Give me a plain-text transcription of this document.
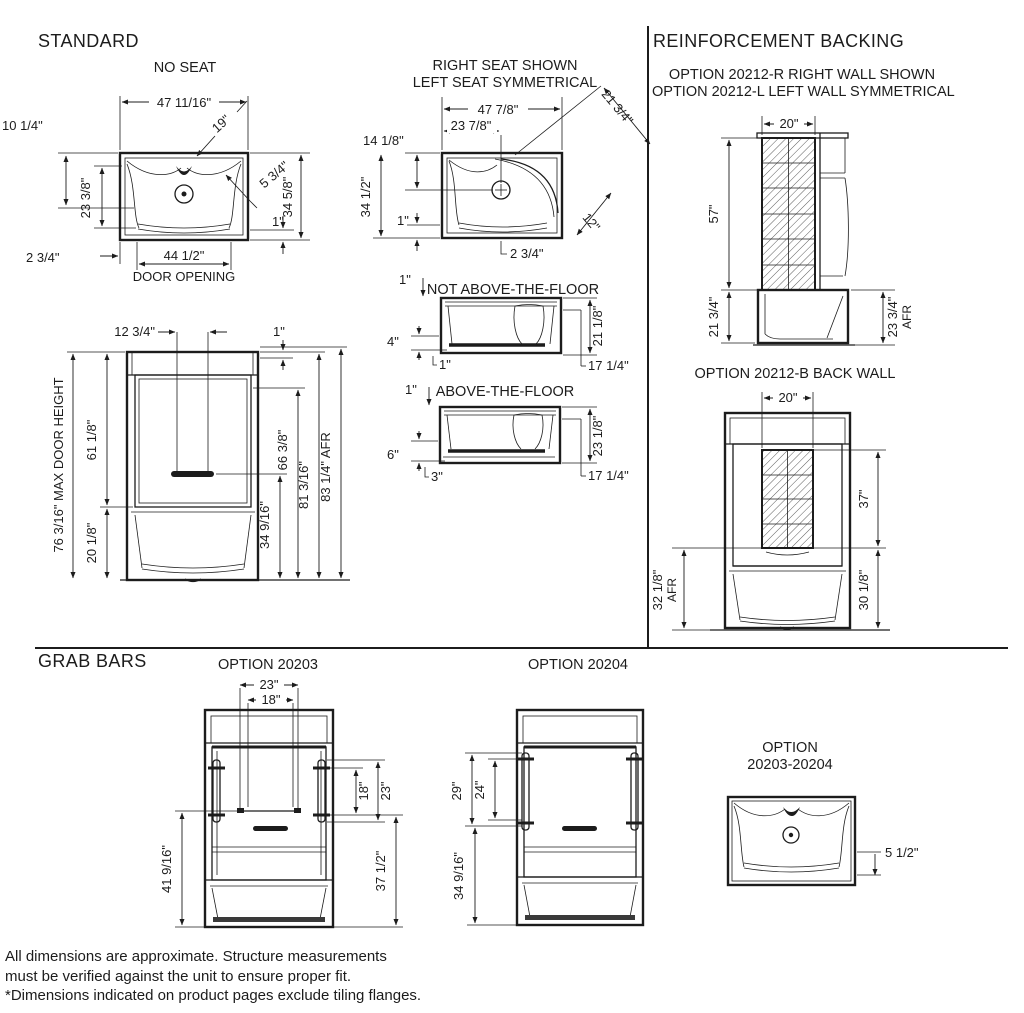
STANDARD	REINFORCEMENT BACKING
GRAB BARS
NO SEAT	RIGHT SEAT SHOWN
LEFT SEAT SYMMETRICAL	OPTION 20212-R RIGHT WALL SHOWN
OPTION 20212-L LEFT WALL SYMMETRICAL
OPTION 20212-B BACK WALL
OPTION 20203	OPTION 20204
OPTION
20203-20204
47 11/16"
19"
10 1/4"
5 3/4"
23 3/8"	34 5/8"
1"
2 3/4"	44 1/2"
DOOR OPENING
47 7/8"
23 7/8"
14 1/8"
34 1/2"
1"
2 3/4"
21 3/4"
12"
NOT ABOVE-THE-FLOOR
1"
4"
1"
21 1/8"
17 1/4"
ABOVE-THE-FLOOR
1"
6"
3"
23 1/8"
17 1/4"
12 3/4"	1"
76 3/16" MAX DOOR HEIGHT 61 1/8"
20 1/8"	34 9/16"
66 3/8"
81 3/16" 83 1/4" AFR
20"
57"
21 3/4"	23 3/4" AFR
20"
37"
30 1/8"
32 1/8" AFR
23"
18"
18" 23"
41 9/16"	37 1/2"
29" 24"
34 9/16"	5 1/2"
All dimensions are approximate. Structure measurements
must be verified against the unit to ensure proper fit.
*Dimensions indicated on product pages exclude tiling flanges.
